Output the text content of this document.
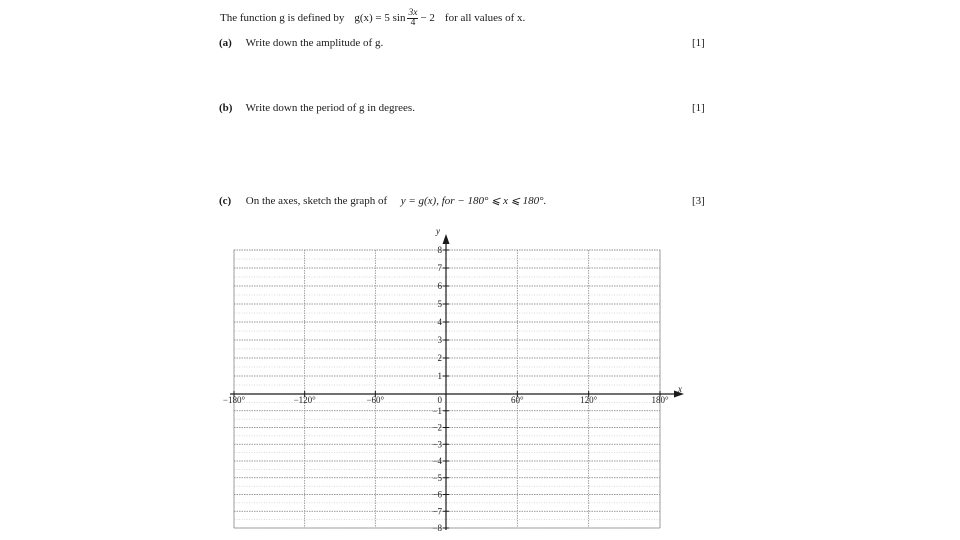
The function g is defined by g(x) = 5 $\sin \frac{3x}{4} - 2$ for all values of x.
(a) Write down the amplitude of g.	[1]
(b) Write down the period of g in degrees.	[1]
(c) On the axes, sketch the graph of y = g(x), for − 180° ⩽ x ⩽ 180°.	[3]
−180°	−120°	−60°	60°	120°	180°
8
7
6
5
4
3
2
1
−1
−2
−3
−4
−5
−6
−7
−8
0
x
y
